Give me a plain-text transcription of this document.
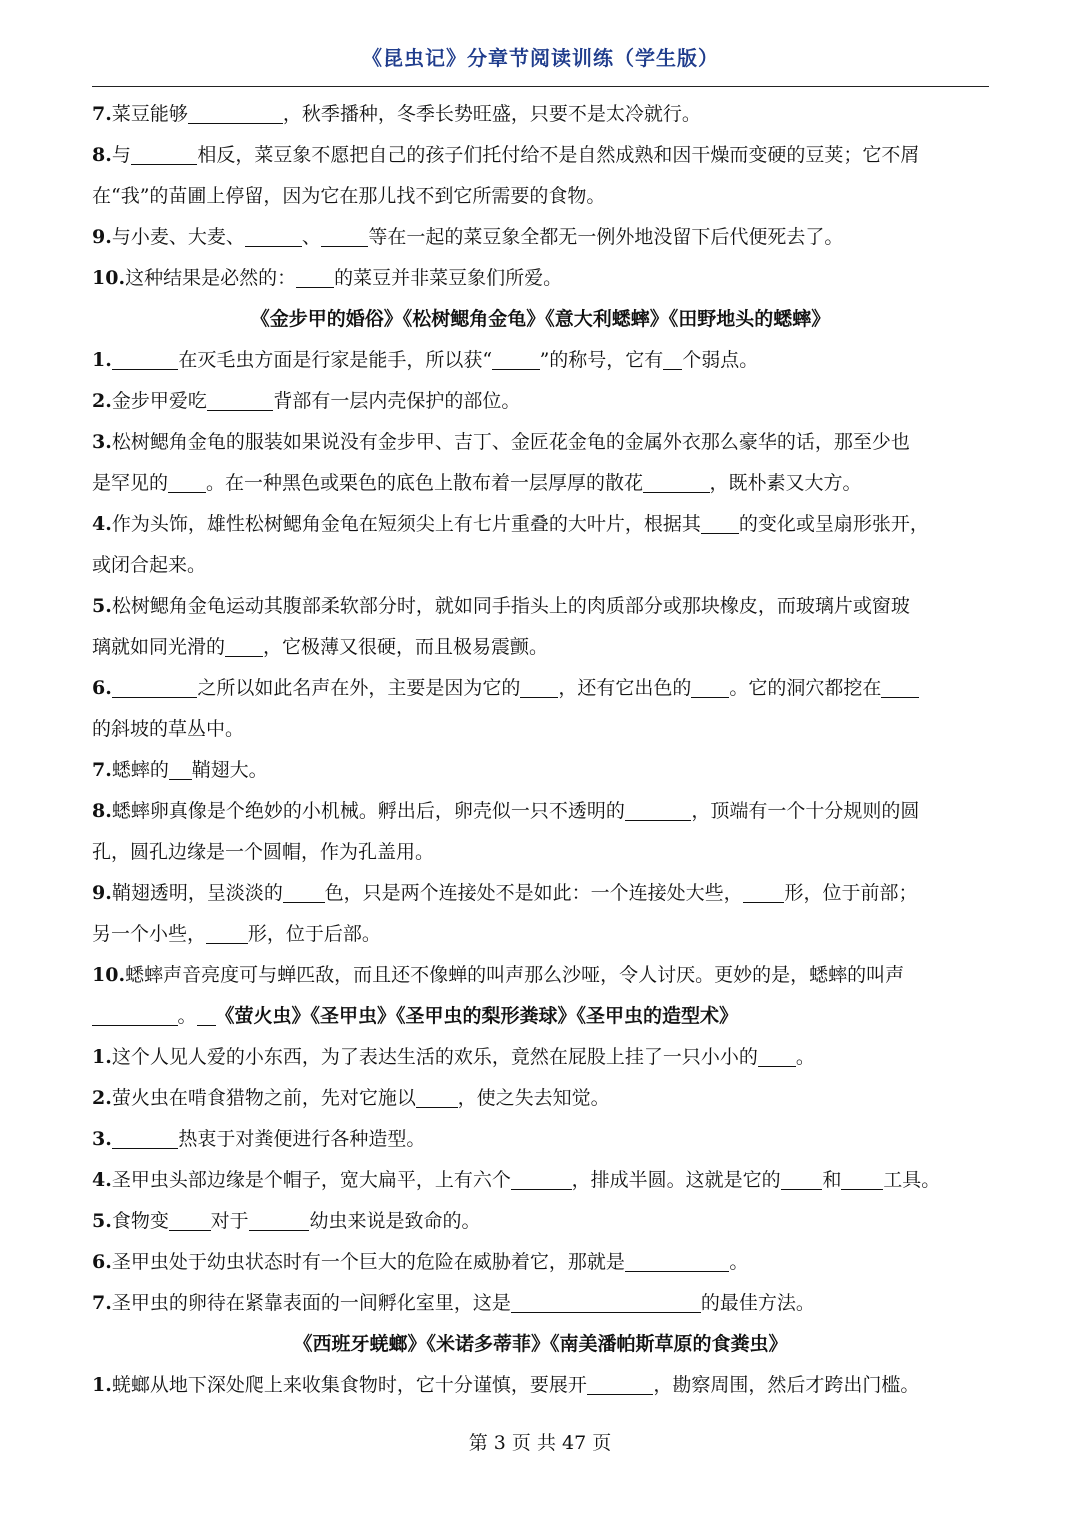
《昆虫记》分章节阅读训练（学生版）
7.菜豆能够	，秋季播种，冬季长势旺盛，只要不是太冷就行。
8.与	相反，菜豆象不愿把自己的孩子们托付给不是自然成熟和因干燥而变硬的豆荚；它不屑
在“我”的苗圃上停留，因为它在那儿找不到它所需要的食物。
9.与小麦、大麦、	、	等在一起的菜豆象全都无一例外地没留下后代便死去了。
10.这种结果是必然的： 的菜豆并非菜豆象们所爱。
《金步甲的婚俗》《松树鳃角金龟》《意大利蟋蟀》《田野地头的蟋蟀》
1.	在灭毛虫方面是行家是能手，所以获“	”的称号，它有 个弱点。
2.金步甲爱吃	背部有一层内壳保护的部位。
3.松树鳃角金龟的服装如果说没有金步甲、吉丁、金匠花金龟的金属外衣那么豪华的话，那至少也
是罕见的 。在一种黑色或栗色的底色上散布着一层厚厚的散花	，既朴素又大方。
4.作为头饰，雄性松树鳃角金龟在短须尖上有七片重叠的大叶片，根据其 的变化或呈扇形张开，
或闭合起来。
5.松树鳃角金龟运动其腹部柔软部分时，就如同手指头上的肉质部分或那块橡皮，而玻璃片或窗玻
璃就如同光滑的 ，它极薄又很硬，而且极易震颤。
6.	之所以如此名声在外，主要是因为它的 ，还有它出色的 。它的洞穴都挖在
的斜坡的草丛中。
7.蟋蟀的 鞘翅大。
8.蟋蟀卵真像是个绝妙的小机械。孵出后，卵壳似一只不透明的	，顶端有一个十分规则的圆
孔，圆孔边缘是一个圆帽，作为孔盖用。
9.鞘翅透明，呈淡淡的 色，只是两个连接处不是如此：一个连接处大些， 形，位于前部；
另一个小些， 形，位于后部。
10.蟋蟀声音亮度可与蝉匹敌，而且还不像蝉的叫声那么沙哑，令人讨厌。更妙的是，蟋蟀的叫声
。 《萤火虫》《圣甲虫》《圣甲虫的梨形粪球》《圣甲虫的造型术》
1.这个人见人爱的小东西，为了表达生活的欢乐，竟然在屁股上挂了一只小小的 。
2.萤火虫在啃食猎物之前，先对它施以 ，使之失去知觉。
3.	热衷于对粪便进行各种造型。
4.圣甲虫头部边缘是个帽子，宽大扁平，上有六个	，排成半圆。这就是它的 和 工具。
5.食物变 对于	幼虫来说是致命的。
6.圣甲虫处于幼虫状态时有一个巨大的危险在威胁着它，那就是	。
7.圣甲虫的卵待在紧靠表面的一间孵化室里，这是	的最佳方法。
《西班牙蜣螂》《米诺多蒂菲》《南美潘帕斯草原的食粪虫》
1.蜣螂从地下深处爬上来收集食物时，它十分谨慎，要展开	，勘察周围，然后才跨出门槛。
第 3 页 共 47 页
